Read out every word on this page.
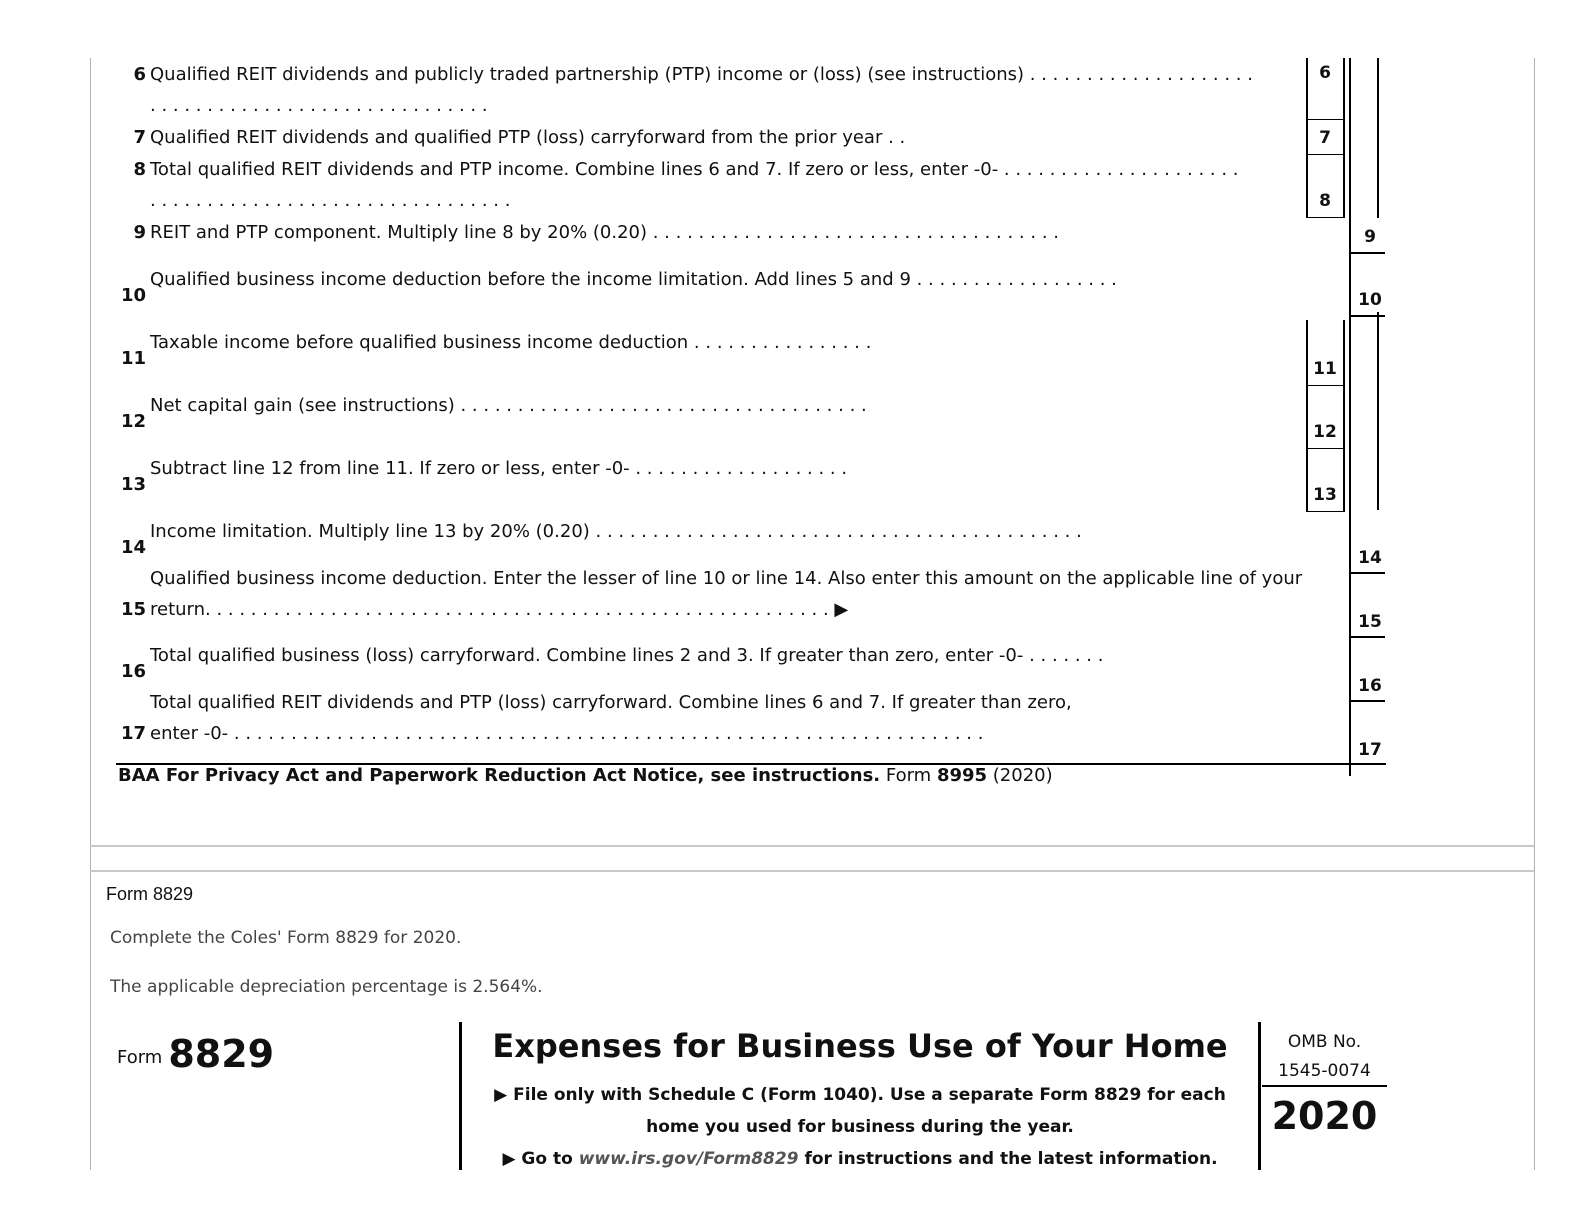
6 Qualified REIT dividends and publicly traded partnership (PTP) income or (loss) (see instructions) . . . . . . . . . . . . . . . . . . . .
. . . . . . . . . . . . . . . . . . . . . . . . . . . . . .
7 Qualified REIT dividends and qualified PTP (loss) carryforward from the prior year . .
8 Total qualified REIT dividends and PTP income. Combine lines 6 and 7. If zero or less, enter -0- . . . . . . . . . . . . . . . . . . . . .
. . . . . . . . . . . . . . . . . . . . . . . . . . . . . . . .
9 REIT and PTP component. Multiply line 8 by 20% (0.20) . . . . . . . . . . . . . . . . . . . . . . . . . . . . . . . . . . . .
10
Qualified business income deduction before the income limitation. Add lines 5 and 9 . . . . . . . . . . . . . . . . . .
11
Taxable income before qualified business income deduction . . . . . . . . . . . . . . . .
12
Net capital gain (see instructions) . . . . . . . . . . . . . . . . . . . . . . . . . . . . . . . . . . . .
13
Subtract line 12 from line 11. If zero or less, enter -0- . . . . . . . . . . . . . . . . . . .
14
Income limitation. Multiply line 13 by 20% (0.20) . . . . . . . . . . . . . . . . . . . . . . . . . . . . . . . . . . . . . . . . . . .
15
Qualified business income deduction. Enter the lesser of line 10 or line 14. Also enter this amount on the applicable line of your
return. . . . . . . . . . . . . . . . . . . . . . . . . . . . . . . . . . . . . . . . . . . . . . . . . . . . . . . ▶
16
Total qualified business (loss) carryforward. Combine lines 2 and 3. If greater than zero, enter -0- . . . . . . .
17
Total qualified REIT dividends and PTP (loss) carryforward. Combine lines 6 and 7. If greater than zero,
enter -0- . . . . . . . . . . . . . . . . . . . . . . . . . . . . . . . . . . . . . . . . . . . . . . . . . . . . . . . . . . . . . . . . . .
6
7
8
11
12
13
9
10
14
15
16
17
BAA For Privacy Act and Paperwork Reduction Act Notice, see instructions. Form 8995 (2020)
Form 8829
Complete the Coles' Form 8829 for 2020.
The applicable depreciation percentage is 2.564%.
Form 8829	Expenses for Business Use of Your Home
▶ File only with Schedule C (Form 1040). Use a separate Form 8829 for each
home you used for business during the year.
▶ Go to www.irs.gov/Form8829 for instructions and the latest information.
OMB No.
1545-0074
2020
